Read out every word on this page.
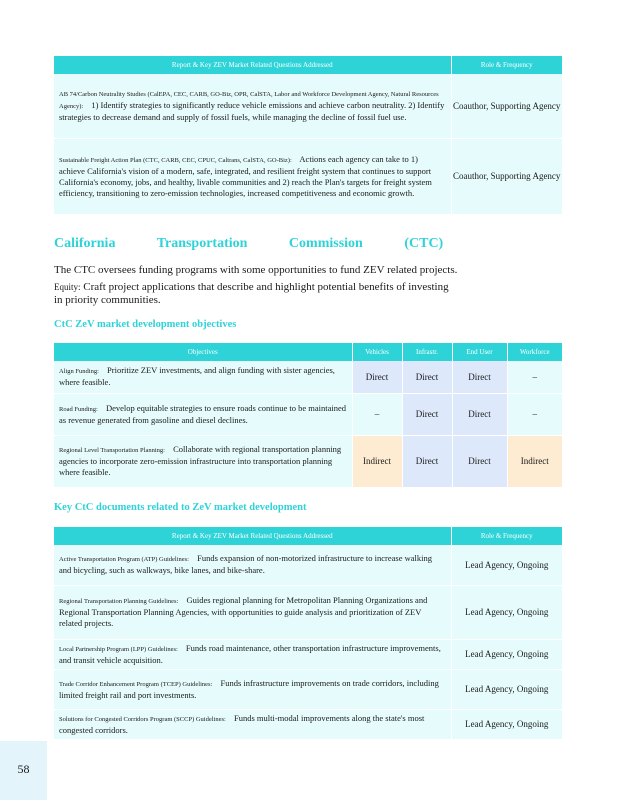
Report & Key ZEV Market Related Questions Addressed	Role & Frequency
AB 74/Carbon Neutrality Studies (CalEPA, CEC, CARB, GO-Biz, OPR, CalSTA, Labor and Workforce Development Agency, Natural Resources Agency): 1) Identify strategies to significantly reduce vehicle emissions and achieve carbon neutrality. 2) Identify strategies to decrease demand and supply of fossil fuels, while managing the decline of fossil fuel use.	Coauthor, Supporting Agency
Sustainable Freight Action Plan (CTC, CARB, CEC, CPUC, Caltrans, CalSTA, GO-Biz): Actions each agency can take to 1) achieve California's vision of a modern, safe, integrated, and resilient freight system that continues to support California's economy, jobs, and healthy, livable communities and 2) reach the Plan's targets for freight system efficiency, transitioning to zero-emission technologies, increased competitiveness and economic growth.	Coauthor, Supporting Agency
California Transportation Commission (CTC)

The CTC oversees funding programs with some opportunities to fund ZEV related projects.

Equity: Craft project applications that describe and highlight potential benefits of investing in priority communities.

CtC ZeV market development objectives

Objectives	Vehicles	Infrastr.	End User	Workforce
Align Funding: Prioritize ZEV investments, and align funding with sister agencies, where feasible.	Direct	Direct	Direct	–
Road Funding: Develop equitable strategies to ensure roads continue to be maintained as revenue generated from gasoline and diesel declines.	–	Direct	Direct	–
Regional Level Transportation Planning: Collaborate with regional transportation planning agencies to incorporate zero-emission infrastructure into transportation planning where feasible.	Indirect	Direct	Direct	Indirect

Key CtC documents related to ZeV market development

Report & Key ZEV Market Related Questions Addressed	Role & Frequency
Active Transportation Program (ATP) Guidelines: Funds expansion of non-motorized infrastructure to increase walking and bicycling, such as walkways, bike lanes, and bike-share.	Lead Agency, Ongoing
Regional Transportation Planning Guidelines: Guides regional planning for Metropolitan Planning Organizations and Regional Transportation Planning Agencies, with opportunities to guide analysis and prioritization of ZEV related projects.	Lead Agency, Ongoing
Local Partnership Program (LPP) Guidelines: Funds road maintenance, other transportation infrastructure improvements, and transit vehicle acquisition.	Lead Agency, Ongoing
Trade Corridor Enhancement Program (TCEP) Guidelines: Funds infrastructure improvements on trade corridors, including limited freight rail and port investments.	Lead Agency, Ongoing
Solutions for Congested Corridors Program (SCCP) Guidelines: Funds multi-modal improvements along the state's most congested corridors.	Lead Agency, Ongoing
58
